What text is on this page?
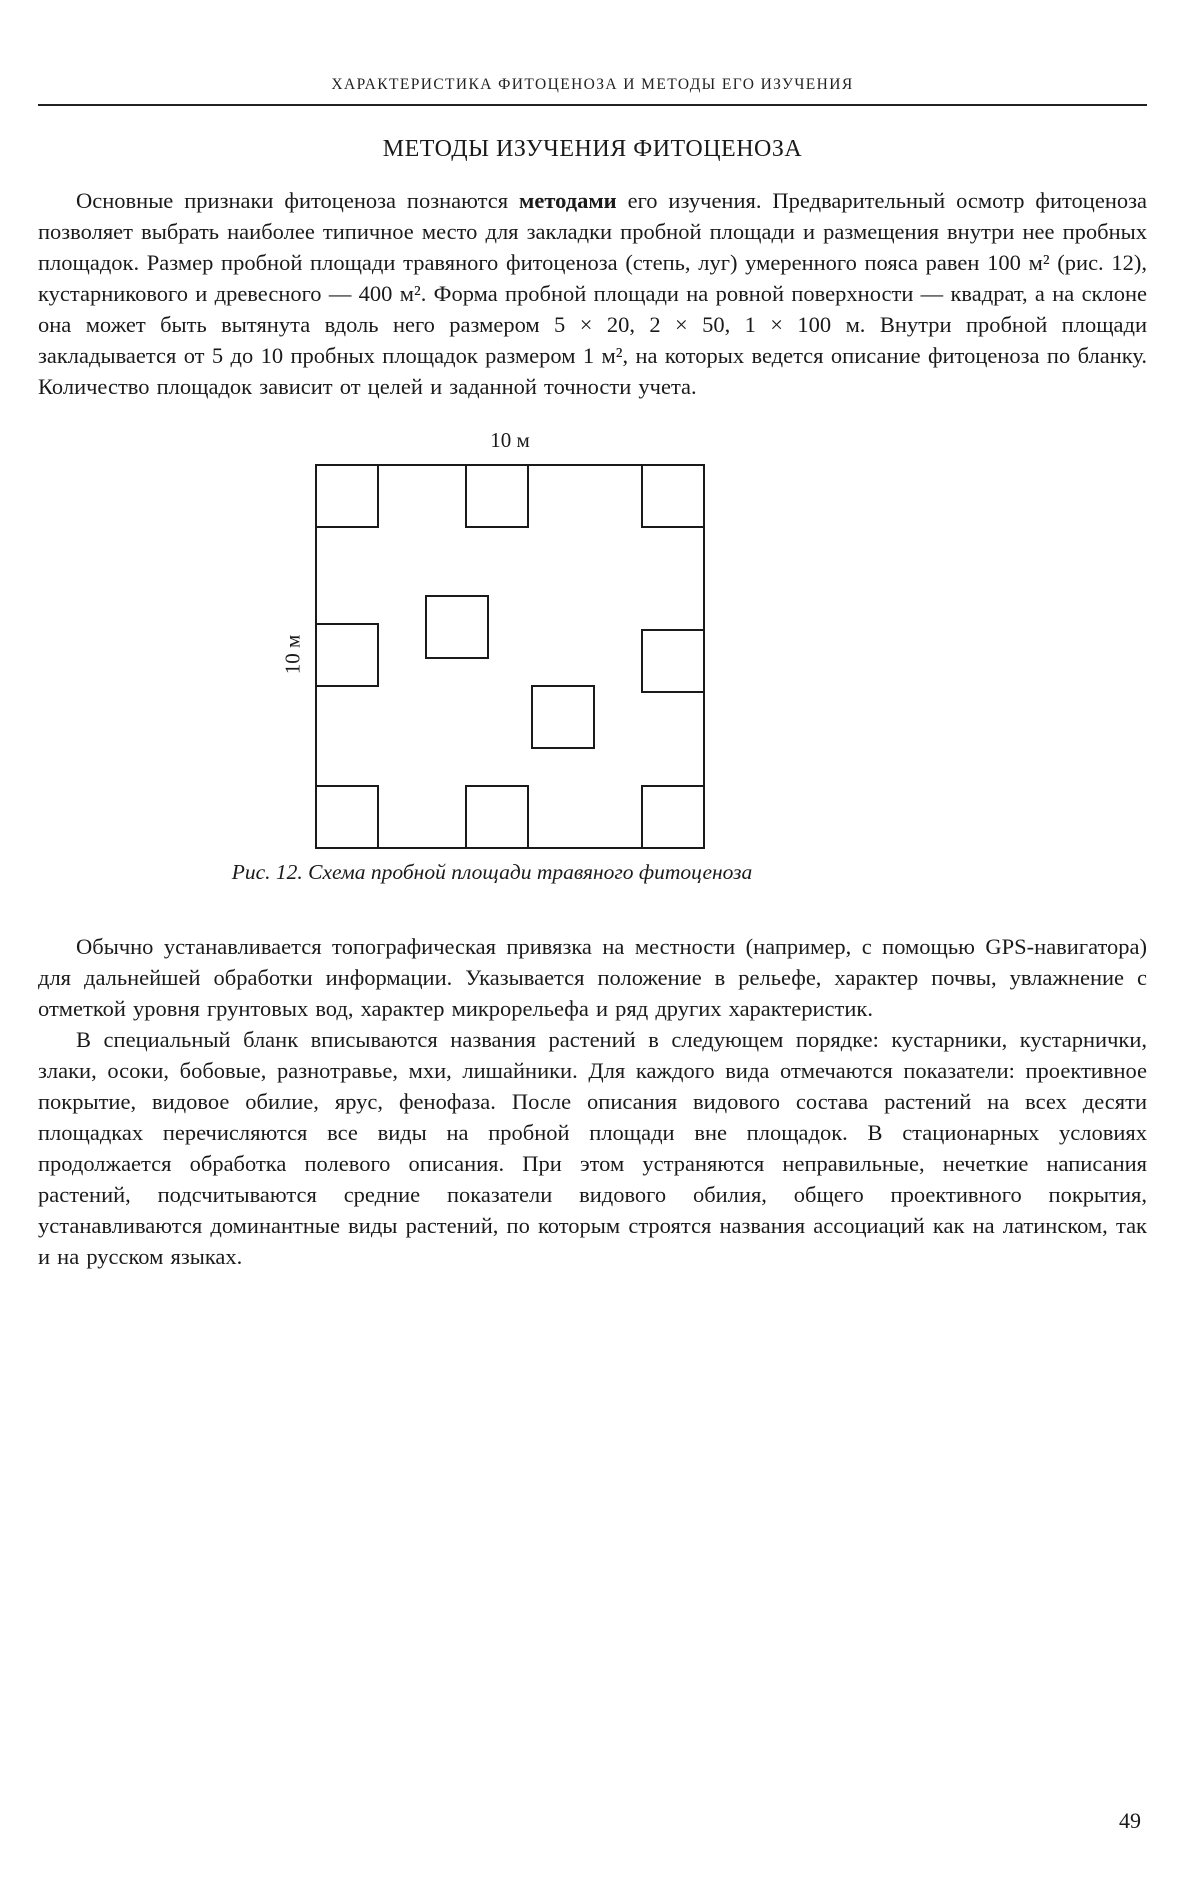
ХАРАКТЕРИСТИКА ФИТОЦЕНОЗА И МЕТОДЫ ЕГО ИЗУЧЕНИЯ
МЕТОДЫ ИЗУЧЕНИЯ ФИТОЦЕНОЗА

Основные признаки фитоценоза познаются методами его изучения. Предварительный осмотр фитоценоза позволяет выбрать наиболее типичное место для закладки пробной площади и размещения внутри нее пробных площадок. Размер пробной площади травяного фитоценоза (степь, луг) умеренного пояса равен 100 м² (рис. 12), кустарникового и древесного — 400 м². Форма пробной площади на ровной поверхности — квадрат, а на склоне она может быть вытянута вдоль него размером 5 × 20, 2 × 50, 1 × 100 м. Внутри пробной площади закладывается от 5 до 10 пробных площадок размером 1 м², на которых ведется описание фитоценоза по бланку. Количество площадок зависит от целей и заданной точности учета.

10 м
10 м
Рис. 12. Схема пробной площади травяного фитоценоза

Обычно устанавливается топографическая привязка на местности (например, с помощью GPS-навигатора) для дальнейшей обработки информации. Указывается положение в рельефе, характер почвы, увлажнение с отметкой уровня грунтовых вод, характер микрорельефа и ряд других характеристик.

В специальный бланк вписываются названия растений в следующем порядке: кустарники, кустарнички, злаки, осоки, бобовые, разнотравье, мхи, лишайники. Для каждого вида отмечаются показатели: проективное покрытие, видовое обилие, ярус, фенофаза. После описания видового состава растений на всех десяти площадках перечисляются все виды на пробной площади вне площадок. В стационарных условиях продолжается обработка полевого описания. При этом устраняются неправильные, нечеткие написания растений, подсчитываются средние показатели видового обилия, общего проективного покрытия, устанавливаются доминантные виды растений, по которым строятся названия ассоциаций как на латинском, так и на русском языках.

49
